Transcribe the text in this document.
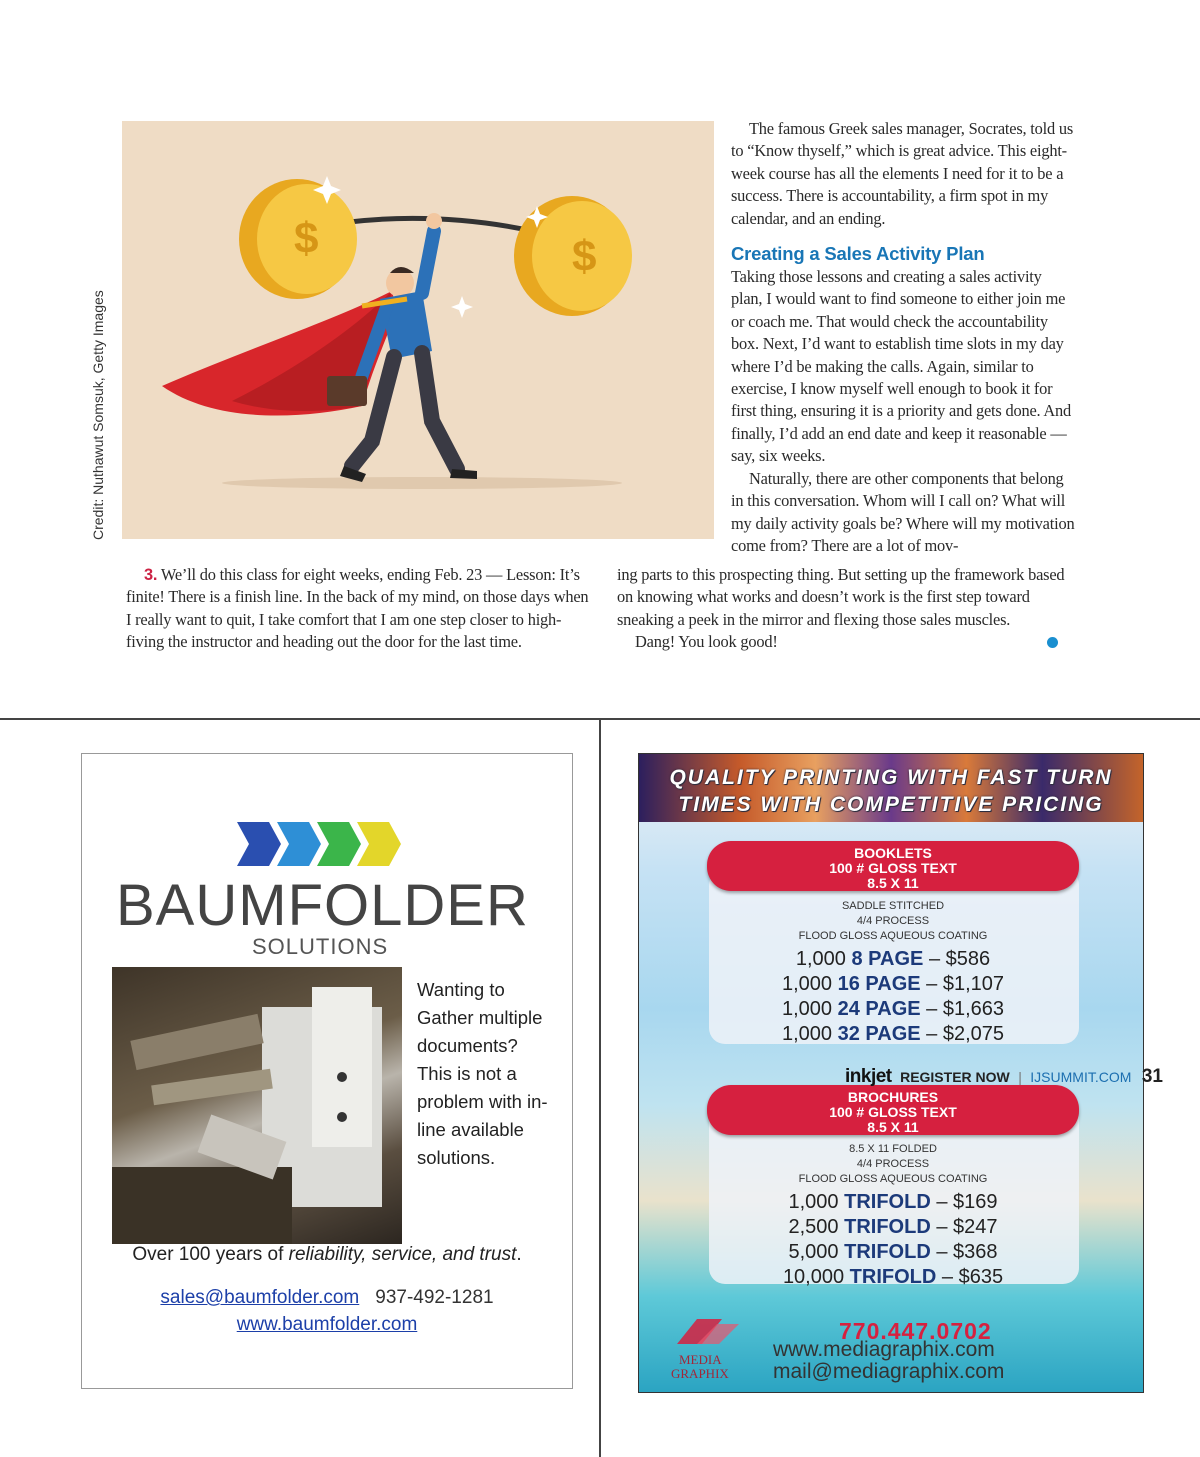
$	$
Credit: Nuthawut Somsuk, Getty Images

The famous Greek sales manager, Socrates, told us to “Know thyself,” which is great advice. This eight-week course has all the elements I need for it to be a success. There is accountability, a firm spot in my calendar, and an ending.

Creating a Sales Activity Plan

Taking those lessons and creating a sales activity plan, I would want to find someone to either join me or coach me. That would check the accountability box. Next, I’d want to establish time slots in my day where I’d be making the calls. Again, similar to exercise, I know myself well enough to book it for first thing, ensuring it is a priority and gets done. And finally, I’d add an end date and keep it reasonable — say, six weeks.

Naturally, there are other components that belong in this conversation. Whom will I call on? What will my daily activity goals be? Where will my motivation come from? There are a lot of mov-

3. We’ll do this class for eight weeks, ending Feb. 23 — Lesson: It’s finite! There is a finish line. In the back of my mind, on those days when I really want to quit, I take comfort that I am one step closer to high-fiving the instructor and heading out the door for the last time.

ing parts to this prospecting thing. But setting up the framework based on knowing what works and doesn’t work is the first step toward sneaking a peek in the mirror and flexing those sales muscles.

Dang! You look good!

BAUMFOLDER
SOLUTIONS
Wanting to Gather multiple documents? This is not a problem with in-line available solutions.
Over 100 years of reliability, service, and trust.
sales@baumfolder.com 937-492-1281
www.baumfolder.com
QUALITY PRINTING WITH FAST TURN
TIMES WITH COMPETITIVE PRICING
BOOKLETS
100 # GLOSS TEXT
8.5 X 11
SADDLE STITCHED
4/4 PROCESS
FLOOD GLOSS AQUEOUS COATING
1,000 8 PAGE – $586
1,000 16 PAGE – $1,107
1,000 24 PAGE – $1,663
1,000 32 PAGE – $2,075
BROCHURES
100 # GLOSS TEXT
8.5 X 11
8.5 X 11 FOLDED
4/4 PROCESS
FLOOD GLOSS AQUEOUS COATING
1,000 TRIFOLD – $169
2,500 TRIFOLD – $247
5,000 TRIFOLD – $368
10,000 TRIFOLD – $635
MEDIA
GRAPHIX
770.447.0702
www.mediagraphix.com
mail@mediagraphix.com
inkjet REGISTER NOW | IJSUMMIT.COM 31
